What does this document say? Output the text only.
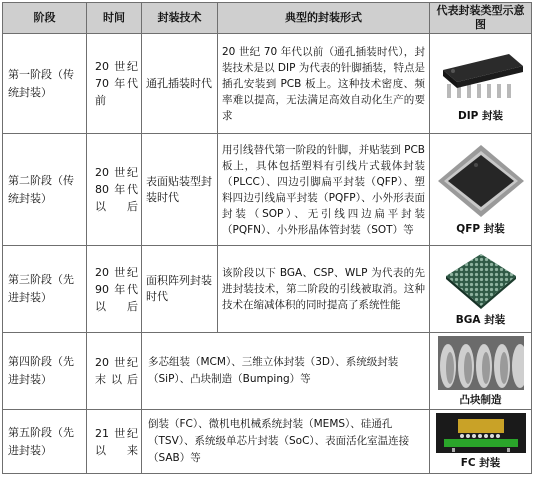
阶段	时间	封装技术	典型的封装形式	代表封装类型示意图
第一阶段（传统封装）	20 世纪 70 年代前	通孔插装时代	20 世纪 70 年代以前（通孔插装时代），封装技术是以 DIP 为代表的针脚插装，特点是插孔安装到 PCB 板上。这种技术密度、频率难以提高，无法满足高效自动化生产的要求	DIP 封装

第二阶段（传统封装）	20 世纪 80 年代以后	表面贴装型封装时代	用引线替代第一阶段的针脚，并贴装到 PCB 板上，具体包括塑料有引线片式载体封装（PLCC）、四边引脚扁平封装（QFP）、塑料四边引线扁平封装（PQFP）、小外形表面封装（SOP）、无引线四边扁平封装（PQFN）、小外形晶体管封装（SOT）等	QFP 封装

第三阶段（先进封装）	20 世纪 90 年代以后	面积阵列封装时代	该阶段以下 BGA、CSP、WLP 为代表的先进封装技术，第二阶段的引线被取消。这种技术在缩减体积的同时提高了系统性能	BGA 封装

第四阶段（先进封装）	20 世纪末以后	多芯组装（MCM）、三维立体封装（3D）、系统级封装（SiP）、凸块制造（Bumping）等		凸块制造

第五阶段（先进封装）	21 世纪以来	倒装（FC）、微机电机械系统封装（MEMS）、硅通孔（TSV）、系统级单芯片封装（SoC）、表面活化室温连接（SAB）等		FC 封装
